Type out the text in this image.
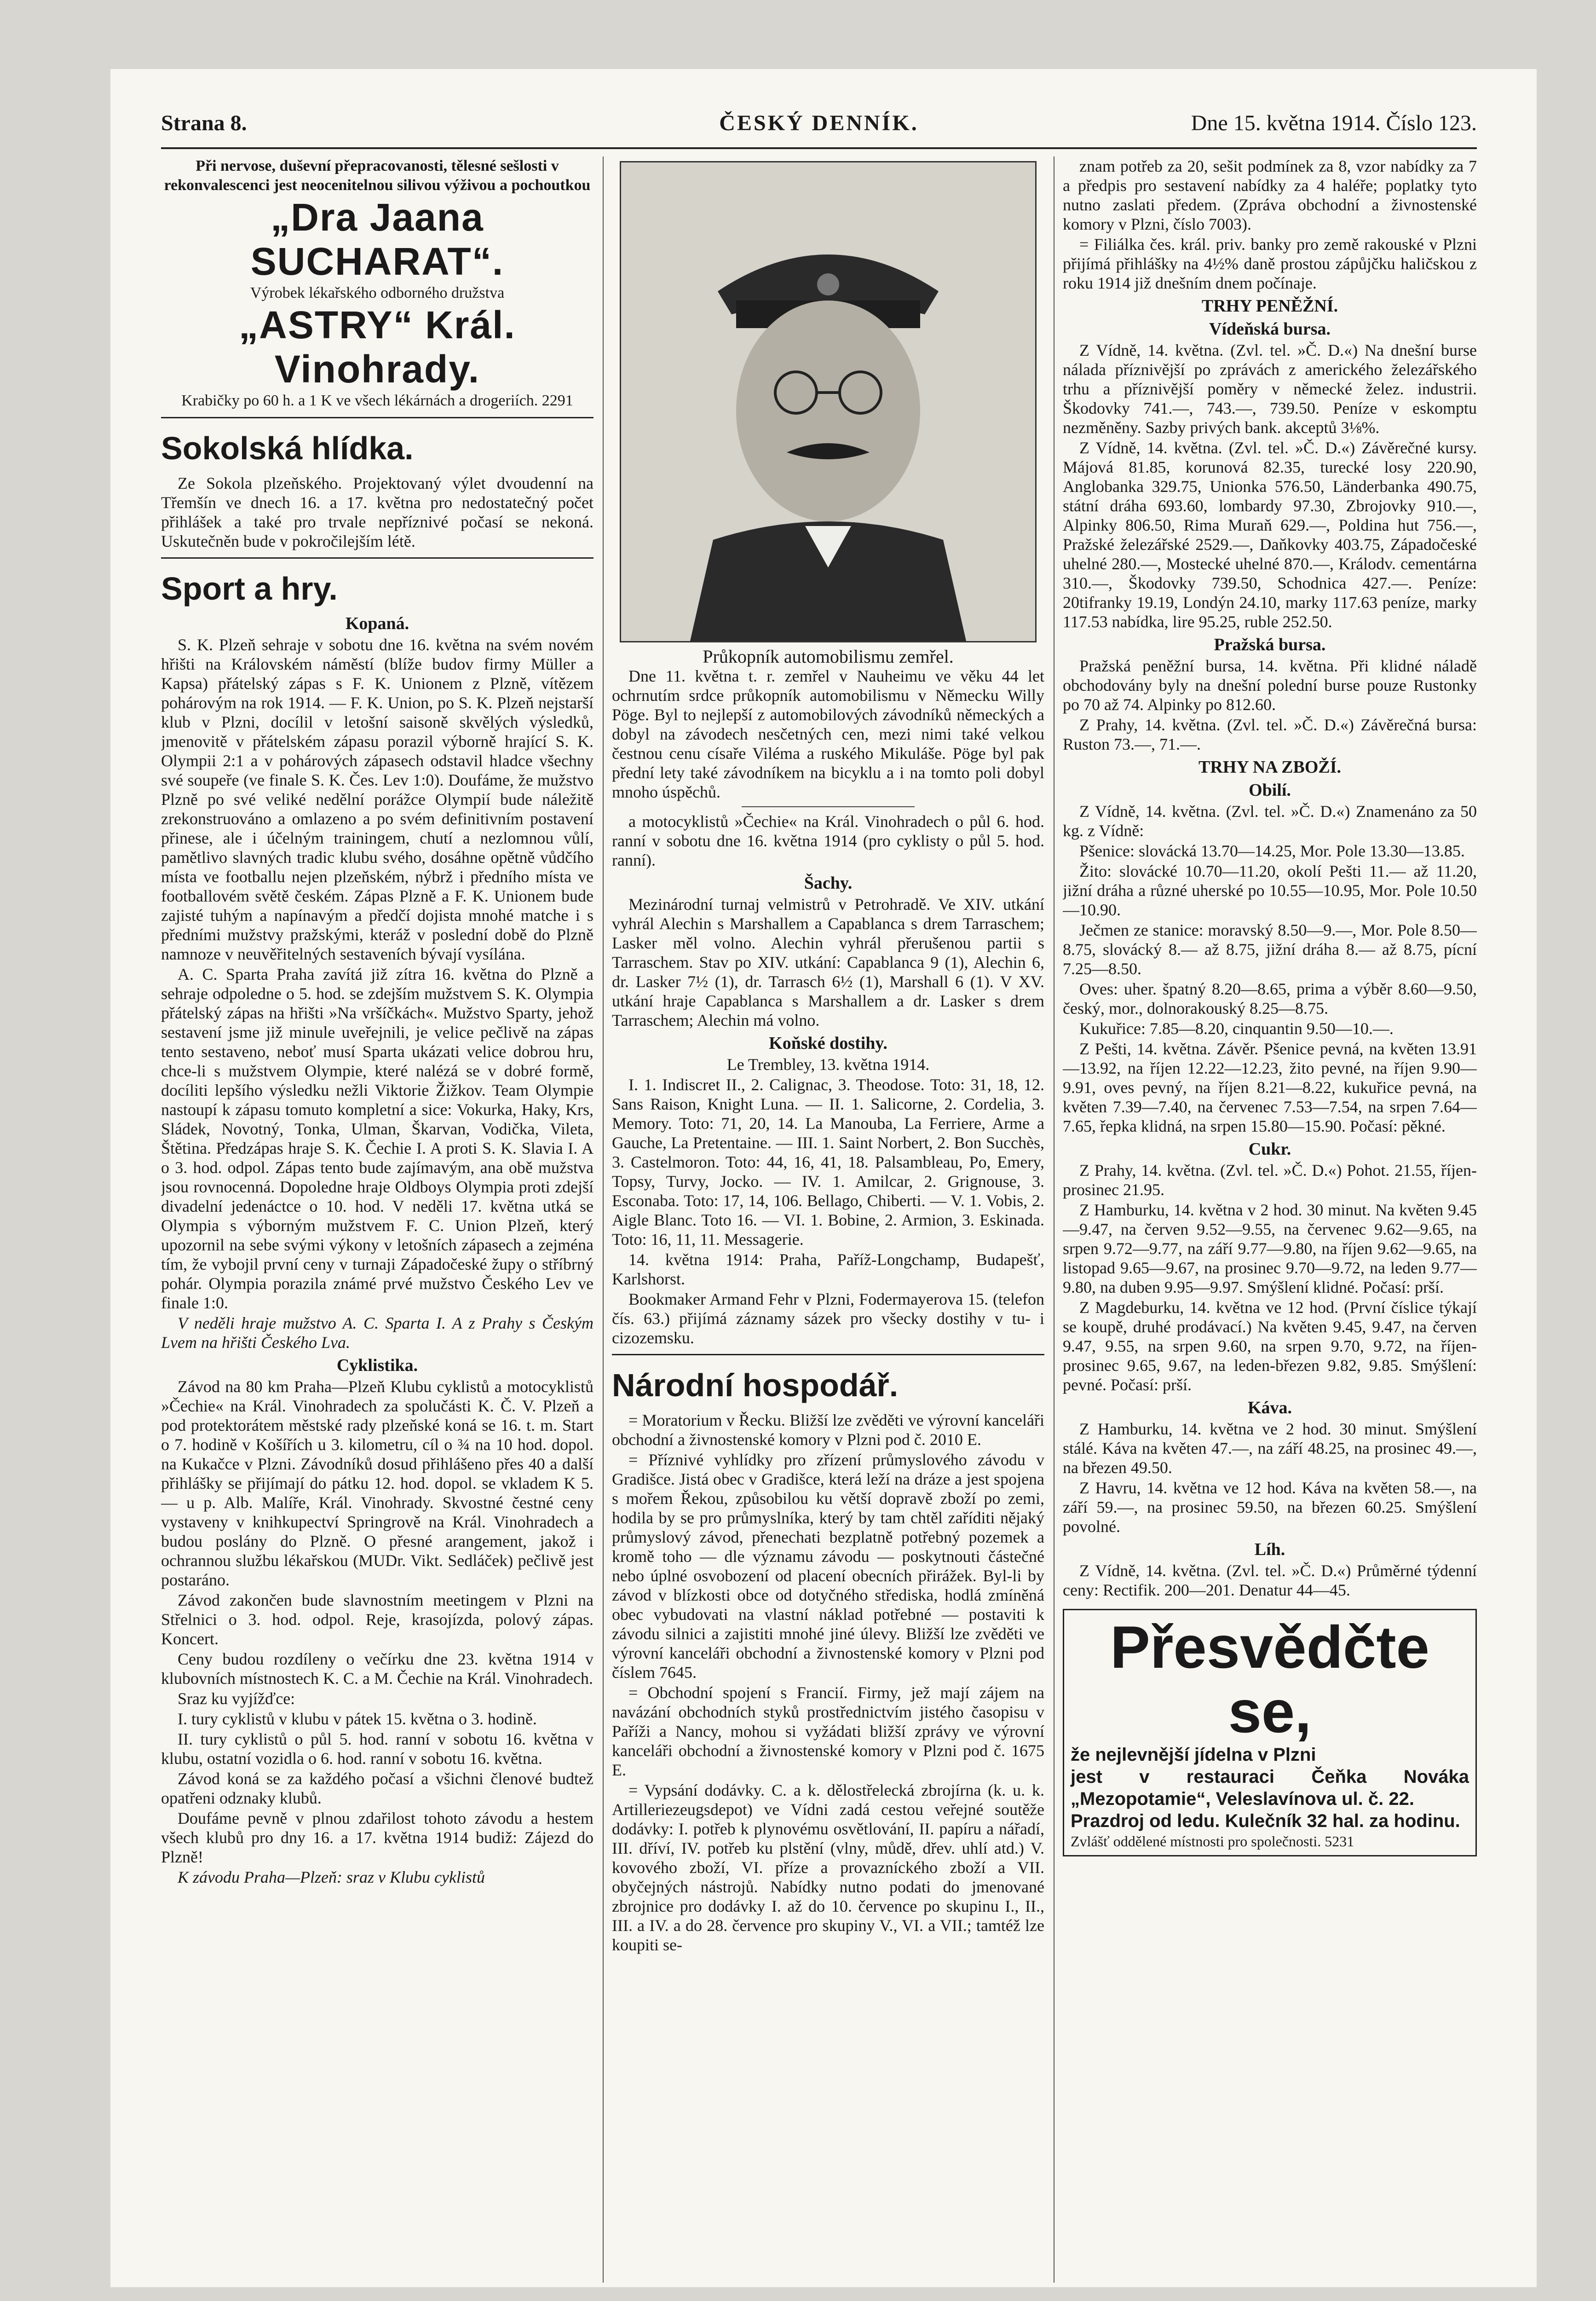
Strana 8.	ČESKÝ DENNÍK.	Dne 15. května 1914. Číslo 123.
Při nervose, duševní přepracovanosti, tělesné sešlosti v rekonvalescenci jest neocenitelnou silivou výživou a pochoutkou
„Dra Jaana SUCHARAT“.
Výrobek lékařského odborného družstva
„ASTRY“ Král. Vinohrady.
Krabičky po 60 h. a 1 K ve všech lékárnách a drogeriích. 2291
Sokolská hlídka.

Ze Sokola plzeňského. Projektovaný výlet dvoudenní na Třemšín ve dnech 16. a 17. května pro nedostatečný počet přihlášek a také pro trvale nepříznivé počasí se nekoná. Uskutečněn bude v pokročilejším létě.

Sport a hry.
Kopaná.

S. K. Plzeň sehraje v sobotu dne 16. května na svém novém hřišti na Královském náměstí (blíže budov firmy Müller a Kapsa) přátelský zápas s F. K. Unionem z Plzně, vítězem pohárovým na rok 1914. — F. K. Union, po S. K. Plzeň nejstarší klub v Plzni, docílil v letošní saisoně skvělých výsledků, jmenovitě v přátelském zápasu porazil výborně hrající S. K. Olympii 2:1 a v pohárových zápasech odstavil hladce všechny své soupeře (ve finale S. K. Čes. Lev 1:0). Doufáme, že mužstvo Plzně po své veliké nedělní porážce Olympií bude náležitě zrekonstruováno a omlazeno a po svém definitivním postavení přinese, ale i účelným trainingem, chutí a nezlomnou vůlí, pamětlivo slavných tradic klubu svého, dosáhne opětně vůdčího místa ve footballu nejen plzeňském, nýbrž i předního místa ve footballovém světě českém. Zápas Plzně a F. K. Unionem bude zajisté tuhým a napínavým a předčí dojista mnohé matche i s předními mužstvy pražskými, kteráž v poslední době do Plzně namnoze v neuvěřitelných sestaveních bývají vysílána.

A. C. Sparta Praha zavítá již zítra 16. května do Plzně a sehraje odpoledne o 5. hod. se zdejším mužstvem S. K. Olympia přátelský zápas na hřišti »Na vršíčkách«. Mužstvo Sparty, jehož sestavení jsme již minule uveřejnili, je velice pečlivě na zápas tento sestaveno, neboť musí Sparta ukázati velice dobrou hru, chce-li s mužstvem Olympie, které nalézá se v dobré formě, docíliti lepšího výsledku nežli Viktorie Žižkov. Team Olympie nastoupí k zápasu tomuto kompletní a sice: Vokurka, Haky, Krs, Sládek, Novotný, Tonka, Ulman, Škarvan, Vodička, Vileta, Štětina. Předzápas hraje S. K. Čechie I. A proti S. K. Slavia I. A o 3. hod. odpol. Zápas tento bude zajímavým, ana obě mužstva jsou rovnocenná. Dopoledne hraje Oldboys Olympia proti zdejší divadelní jedenáctce o 10. hod. V neděli 17. května utká se Olympia s výborným mužstvem F. C. Union Plzeň, který upozornil na sebe svými výkony v letošních zápasech a zejména tím, že vybojil první ceny v turnaji Západočeské župy o stříbrný pohár. Olympia porazila známé prvé mužstvo Českého Lev ve finale 1:0.

V neděli hraje mužstvo A. C. Sparta I. A z Prahy s Českým Lvem na hřišti Českého Lva.

Cyklistika.

Závod na 80 km Praha—Plzeň Klubu cyklistů a motocyklistů »Čechie« na Král. Vinohradech za spolučásti K. Č. V. Plzeň a pod protektorátem městské rady plzeňské koná se 16. t. m. Start o 7. hodině v Košířích u 3. kilometru, cíl o ¾ na 10 hod. dopol. na Kukačce v Plzni. Závodníků dosud přihlášeno přes 40 a další přihlášky se přijímají do pátku 12. hod. dopol. se vkladem K 5.— u p. Alb. Malíře, Král. Vinohrady. Skvostné čestné ceny vystaveny v knihkupectví Springrově na Král. Vinohradech a budou poslány do Plzně. O přesné arangement, jakož i ochrannou službu lékařskou (MUDr. Vikt. Sedláček) pečlivě jest postaráno.

Závod zakončen bude slavnostním meetingem v Plzni na Střelnici o 3. hod. odpol. Reje, krasojízda, polový zápas. Koncert.

Ceny budou rozdíleny o večírku dne 23. května 1914 v klubovních místnostech K. C. a M. Čechie na Král. Vinohradech.

Sraz ku vyjížďce:

I. tury cyklistů v klubu v pátek 15. května o 3. hodině.

II. tury cyklistů o půl 5. hod. ranní v sobotu 16. května v klubu, ostatní vozidla o 6. hod. ranní v sobotu 16. května.

Závod koná se za každého počasí a všichni členové budtež opatřeni odznaky klubů.

Doufáme pevně v plnou zdařilost tohoto závodu a hestem všech klubů pro dny 16. a 17. května 1914 budiž: Zájezd do Plzně!

K závodu Praha—Plzeň: sraz v Klubu cyklistů

Průkopník automobilismu zemřel.

Dne 11. května t. r. zemřel v Nauheimu ve věku 44 let ochrnutím srdce průkopník automobilismu v Německu Willy Pöge. Byl to nejlepší z automobilových závodníků německých a dobyl na závodech nesčetných cen, mezi nimi také velkou čestnou cenu císaře Viléma a ruského Mikuláše. Pöge byl pak přední lety také závodníkem na bicyklu a i na tomto poli dobyl mnoho úspěchů.

a motocyklistů »Čechie« na Král. Vinohradech o půl 6. hod. ranní v sobotu dne 16. května 1914 (pro cyklisty o půl 5. hod. ranní).

Šachy.

Mezinárodní turnaj velmistrů v Petrohradě. Ve XIV. utkání vyhrál Alechin s Marshallem a Capablanca s drem Tarraschem; Lasker měl volno. Alechin vyhrál přerušenou partii s Tarraschem. Stav po XIV. utkání: Capablanca 9 (1), Alechin 6, dr. Lasker 7½ (1), dr. Tarrasch 6½ (1), Marshall 6 (1). V XV. utkání hraje Capablanca s Marshallem a dr. Lasker s drem Tarraschem; Alechin má volno.

Koňské dostihy.

Le Trembley, 13. května 1914.

I. 1. Indiscret II., 2. Calignac, 3. Theodose. Toto: 31, 18, 12. Sans Raison, Knight Luna. — II. 1. Salicorne, 2. Cordelia, 3. Memory. Toto: 71, 20, 14. La Manouba, La Ferriere, Arme a Gauche, La Pretentaine. — III. 1. Saint Norbert, 2. Bon Succhès, 3. Castelmoron. Toto: 44, 16, 41, 18. Palsambleau, Po, Emery, Topsy, Turvy, Jocko. — IV. 1. Amilcar, 2. Grignouse, 3. Esconaba. Toto: 17, 14, 106. Bellago, Chiberti. — V. 1. Vobis, 2. Aigle Blanc. Toto 16. — VI. 1. Bobine, 2. Armion, 3. Eskinada. Toto: 16, 11, 11. Messagerie.

14. května 1914: Praha, Paříž-Longchamp, Budapešť, Karlshorst.

Bookmaker Armand Fehr v Plzni, Fodermayerova 15. (telefon čís. 63.) přijímá záznamy sázek pro všecky dostihy v tu- i cizozemsku.

Národní hospodář.

= Moratorium v Řecku. Bližší lze zvěděti ve výrovní kanceláři obchodní a živnostenské komory v Plzni pod č. 2010 E.

= Příznivé vyhlídky pro zřízení průmyslového závodu v Gradišce. Jistá obec v Gradišce, která leží na dráze a jest spojena s mořem Řekou, způsobilou ku větší dopravě zboží po zemi, hodila by se pro průmyslníka, který by tam chtěl zaříditi nějaký průmyslový závod, přenechati bezplatně potřebný pozemek a kromě toho — dle významu závodu — poskytnouti částečné nebo úplné osvobození od placení obecních přirážek. Byl-li by závod v blízkosti obce od dotyčného střediska, hodlá zmíněná obec vybudovati na vlastní náklad potřebné — postaviti k závodu silnici a zajistiti mnohé jiné úlevy. Bližší lze zvěděti ve výrovní kanceláři obchodní a živnostenské komory v Plzni pod číslem 7645.

= Obchodní spojení s Francií. Firmy, jež mají zájem na navázání obchodních styků prostřednictvím jistého časopisu v Paříži a Nancy, mohou si vyžádati bližší zprávy ve výrovní kanceláři obchodní a živnostenské komory v Plzni pod č. 1675 E.

= Vypsání dodávky. C. a k. dělostřelecká zbrojírna (k. u. k. Artilleriezeugsdepot) ve Vídni zadá cestou veřejné soutěže dodávky: I. potřeb k plynovému osvětlování, II. papíru a nářadí, III. dříví, IV. potřeb ku plstění (vlny, můdě, dřev. uhlí atd.) V. kovového zboží, VI. příze a provazníckého zboží a VII. obyčejných nástrojů. Nabídky nutno podati do jmenované zbrojnice pro dodávky I. až do 10. července po skupinu I., II., III. a IV. a do 28. července pro skupiny V., VI. a VII.; tamtéž lze koupiti se-

znam potřeb za 20, sešit podmínek za 8, vzor nabídky za 7 a předpis pro sestavení nabídky za 4 haléře; poplatky tyto nutno zaslati předem. (Zpráva obchodní a živnostenské komory v Plzni, číslo 7003).

= Filiálka čes. král. priv. banky pro země rakouské v Plzni přijímá přihlášky na 4½% daně prostou zápůjčku haličskou z roku 1914 již dnešním dnem počínaje.

TRHY PENĚŽNÍ.
Vídeňská bursa.

Z Vídně, 14. května. (Zvl. tel. »Č. D.«) Na dnešní burse nálada příznivější po zprávách z amerického železářského trhu a příznivější poměry v německé želez. industrii. Škodovky 741.—, 743.—, 739.50. Peníze v eskomptu nezměněny. Sazby privých bank. akceptů 3⅛%.

Z Vídně, 14. května. (Zvl. tel. »Č. D.«) Závěrečné kursy. Májová 81.85, korunová 82.35, turecké losy 220.90, Anglobanka 329.75, Unionka 576.50, Länderbanka 490.75, státní dráha 693.60, lombardy 97.30, Zbrojovky 910.—, Alpinky 806.50, Rima Muraň 629.—, Poldina hut 756.—, Pražské železářské 2529.—, Daňkovky 403.75, Západočeské uhelné 280.—, Mostecké uhelné 870.—, Králodv. cementárna 310.—, Škodovky 739.50, Schodnica 427.—. Peníze: 20tifranky 19.19, Londýn 24.10, marky 117.63 peníze, marky 117.53 nabídka, lire 95.25, ruble 252.50.

Pražská bursa.

Pražská peněžní bursa, 14. května. Při klidné náladě obchodovány byly na dnešní polední burse pouze Rustonky po 70 až 74. Alpinky po 812.60.

Z Prahy, 14. května. (Zvl. tel. »Č. D.«) Závěrečná bursa: Ruston 73.—, 71.—.

TRHY NA ZBOŽÍ.
Obilí.

Z Vídně, 14. května. (Zvl. tel. »Č. D.«) Znamenáno za 50 kg. z Vídně:

Pšenice: slovácká 13.70—14.25, Mor. Pole 13.30—13.85.

Žito: slovácké 10.70—11.20, okolí Pešti 11.— až 11.20, jižní dráha a různé uherské po 10.55—10.95, Mor. Pole 10.50—10.90.

Ječmen ze stanice: moravský 8.50—9.—, Mor. Pole 8.50—8.75, slovácký 8.— až 8.75, jižní dráha 8.— až 8.75, pícní 7.25—8.50.

Oves: uher. špatný 8.20—8.65, prima a výběr 8.60—9.50, český, mor., dolnorakouský 8.25—8.75.

Kukuřice: 7.85—8.20, cinquantin 9.50—10.—.

Z Pešti, 14. května. Závěr. Pšenice pevná, na květen 13.91—13.92, na říjen 12.22—12.23, žito pevné, na říjen 9.90—9.91, oves pevný, na říjen 8.21—8.22, kukuřice pevná, na květen 7.39—7.40, na červenec 7.53—7.54, na srpen 7.64—7.65, řepka klidná, na srpen 15.80—15.90. Počasí: pěkné.

Cukr.

Z Prahy, 14. května. (Zvl. tel. »Č. D.«) Pohot. 21.55, říjen-prosinec 21.95.

Z Hamburku, 14. května v 2 hod. 30 minut. Na květen 9.45—9.47, na červen 9.52—9.55, na červenec 9.62—9.65, na srpen 9.72—9.77, na září 9.77—9.80, na říjen 9.62—9.65, na listopad 9.65—9.67, na prosinec 9.70—9.72, na leden 9.77—9.80, na duben 9.95—9.97. Smýšlení klidné. Počasí: prší.

Z Magdeburku, 14. května ve 12 hod. (První číslice týkají se koupě, druhé prodávací.) Na květen 9.45, 9.47, na červen 9.47, 9.55, na srpen 9.60, na srpen 9.70, 9.72, na říjen-prosinec 9.65, 9.67, na leden-březen 9.82, 9.85. Smýšlení: pevné. Počasí: prší.

Káva.

Z Hamburku, 14. května ve 2 hod. 30 minut. Smýšlení stálé. Káva na květen 47.—, na září 48.25, na prosinec 49.—, na březen 49.50.

Z Havru, 14. května ve 12 hod. Káva na květen 58.—, na září 59.—, na prosinec 59.50, na březen 60.25. Smýšlení povolné.

Líh.

Z Vídně, 14. května. (Zvl. tel. »Č. D.«) Průměrné týdenní ceny: Rectifik. 200—201. Denatur 44—45.

Přesvědčte se,
že nejlevnější jídelna v Plzni
jest v restauraci Čeňka Nováka „Mezopotamie“, Veleslavínova ul. č. 22.
Prazdroj od ledu. Kulečník 32 hal. za hodinu.
Zvlášť oddělené místnosti pro společnosti. 5231
